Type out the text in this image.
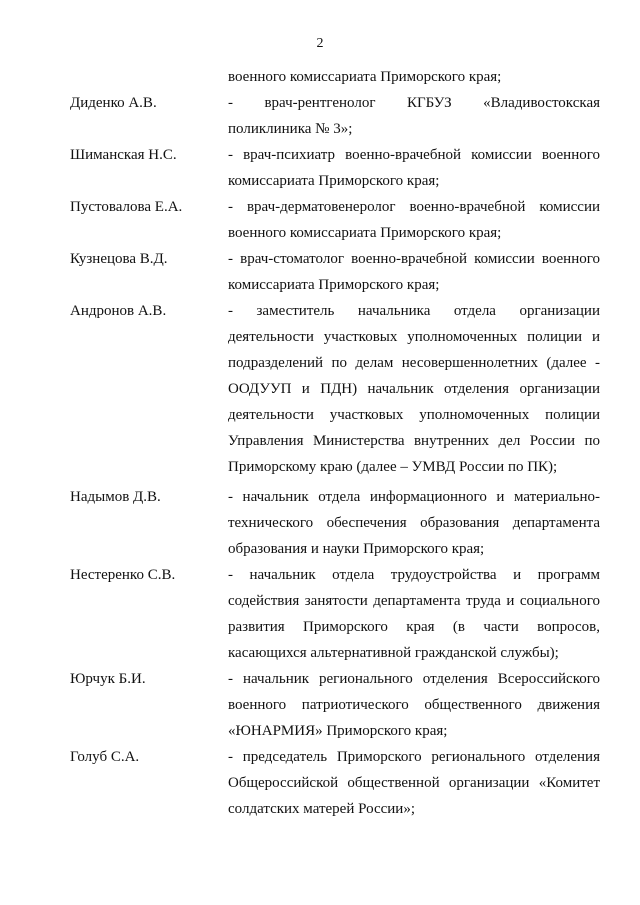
2
военного комиссариата Приморского края;
Диденко А.В.	- врач-рентгенолог КГБУЗ «Владивостокская поликлиника № 3»;
Шиманская Н.С.	- врач-психиатр военно-врачебной комиссии военного комиссариата Приморского края;
Пустовалова Е.А.	- врач-дерматовенеролог военно-врачебной комиссии военного комиссариата Приморского края;
Кузнецова В.Д.	- врач-стоматолог военно-врачебной комиссии военного комиссариата Приморского края;
Андронов А.В.	- заместитель начальника отдела организации деятельности участковых уполномоченных полиции и подразделений по делам несовершеннолетних (далее - ООДУУП и ПДН) начальник отделения организации деятельности участковых уполномоченных полиции Управления Министерства внутренних дел России по Приморскому краю (далее – УМВД России по ПК);
Надымов Д.В.	- начальник отдела информационного и материально-технического обеспечения образования департамента образования и науки Приморского края;
Нестеренко С.В.	- начальник отдела трудоустройства и программ содействия занятости департамента труда и социального развития Приморского края (в части вопросов, касающихся альтернативной гражданской службы);
Юрчук Б.И.	- начальник регионального отделения Всероссийского военного патриотического общественного движения «ЮНАРМИЯ» Приморского края;
Голуб С.А.	- председатель Приморского регионального отделения Общероссийской общественной организации «Комитет солдатских матерей России»;
